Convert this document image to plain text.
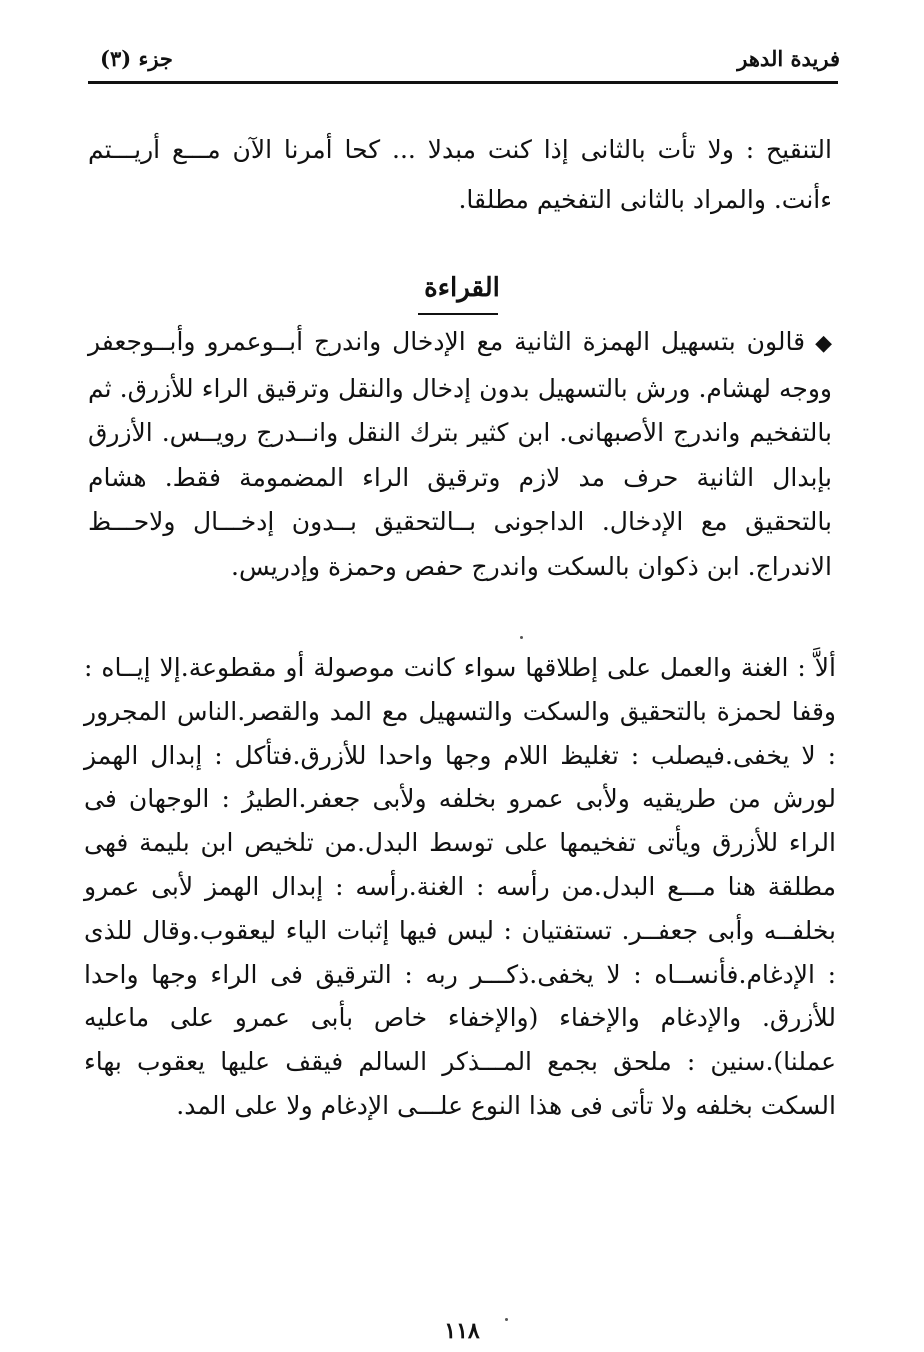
فريدة الدهر
جزء (٣)
التنقيح : ولا تأت بالثانى إذا كنت مبدلا ... كحا أمرنا الآن مـــع أريـــتم ءأنت. والمراد بالثانى التفخيم مطلقا.
القراءة
◆قالون بتسهيل الهمزة الثانية مع الإدخال واندرج أبــوعمرو وأبــوجعفر ووجه لهشام. ورش بالتسهيل بدون إدخال والنقل وترقيق الراء للأزرق. ثم بالتفخيم واندرج الأصبهانى. ابن كثير بترك النقل وانــدرج رويــس. الأزرق بإبدال الثانية حرف مد لازم وترقيق الراء المضمومة فقط. هشام بالتحقيق مع الإدخال. الداجونى بــالتحقيق بــدون إدخـــال ولاحـــظ الاندراج. ابن ذكوان بالسكت واندرج حفص وحمزة وإدريس.
ألاَّ : الغنة والعمل على إطلاقها سواء كانت موصولة أو مقطوعة.إلا إيــاه : وقفا لحمزة بالتحقيق والسكت والتسهيل مع المد والقصر.الناس المجرور : لا يخفى.فيصلب : تغليظ اللام وجها واحدا للأزرق.فتأكل : إبدال الهمز لورش من طريقيه ولأبى عمرو بخلفه ولأبى جعفر.الطيرُ : الوجهان فى الراء للأزرق ويأتى تفخيمها على توسط البدل.من تلخيص ابن بليمة فهى مطلقة هنا مـــع البدل.من رأسه : الغنة.رأسه : إبدال الهمز لأبى عمرو بخلفــه وأبى جعفــر. تستفتيان : ليس فيها إثبات الياء ليعقوب.وقال للذى : الإدغام.فأنســاه : لا يخفى.ذكـــر ربه : الترقيق فى الراء وجها واحدا للأزرق. والإدغام والإخفاء (والإخفاء خاص بأبى عمرو على ماعليه عملنا).سنين : ملحق بجمع المـــذكر السالم فيقف عليها يعقوب بهاء السكت بخلفه ولا تأتى فى هذا النوع علـــى الإدغام ولا على المد.
١١٨
